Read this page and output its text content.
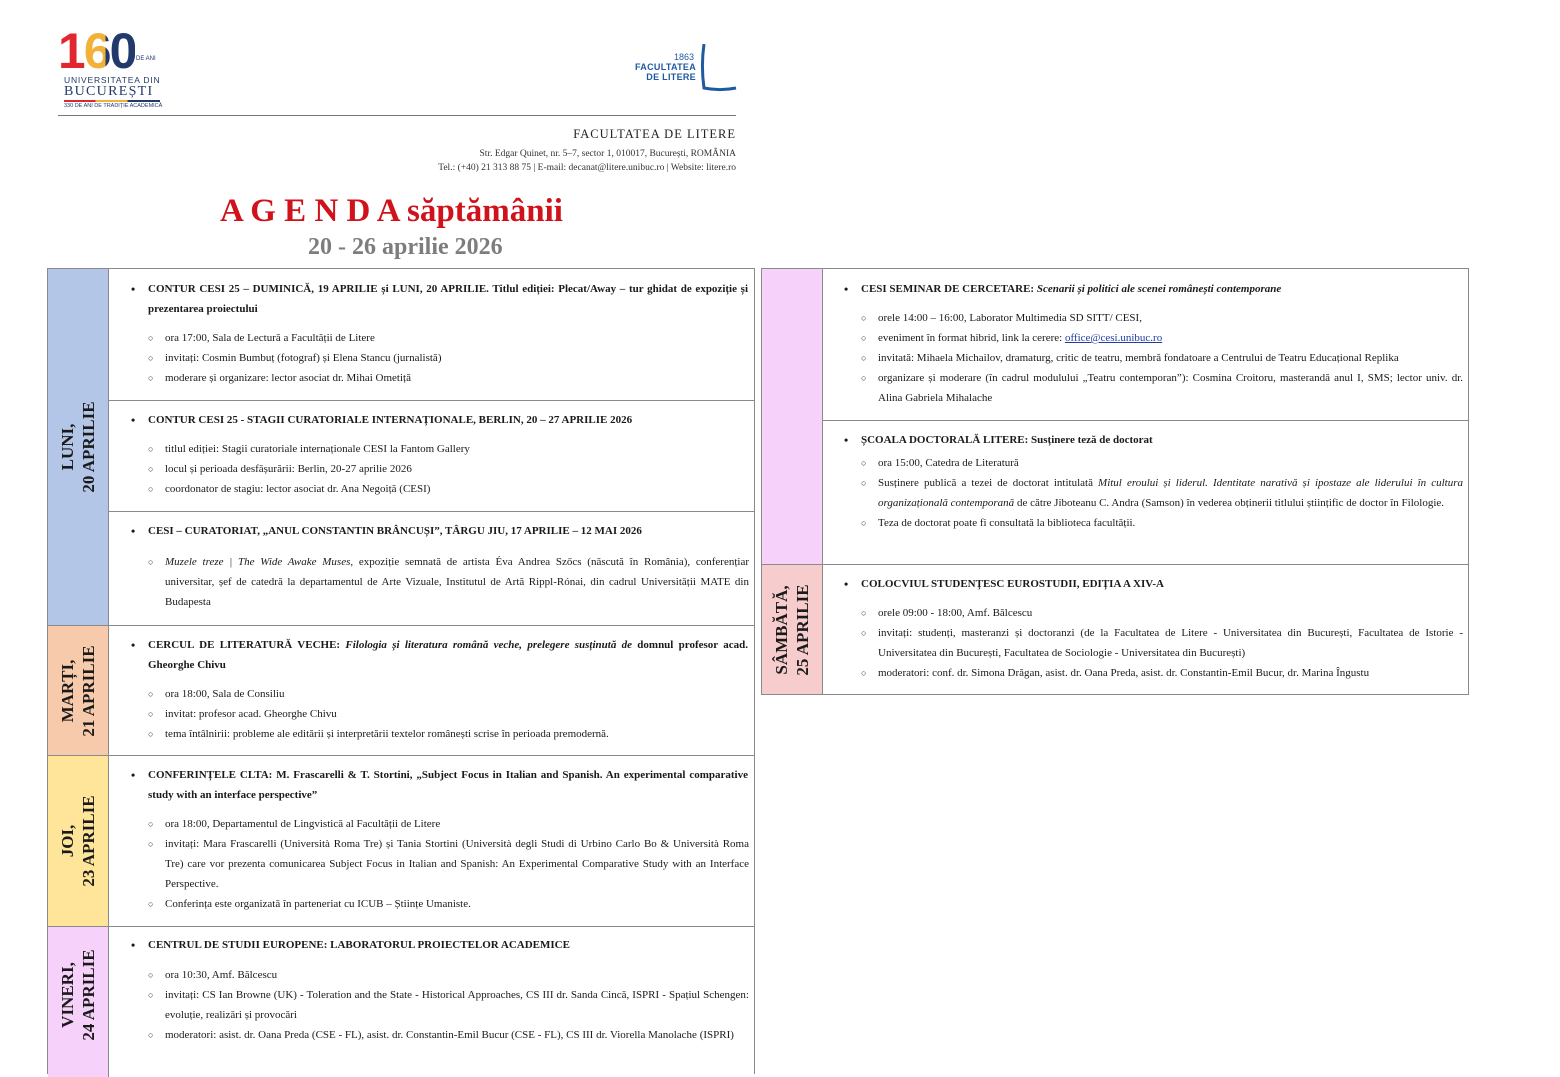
160 DE ANI
UNIVERSITATEA DIN
BUCUREȘTI
330 DE ANI DE TRADIȚIE ACADEMICĂ
1863
FACULTATEA
DE LITERE
FACULTATEA DE LITERE
Str. Edgar Quinet, nr. 5–7, sector 1, 010017, București, ROMÂNIA
Tel.: (+40) 21 313 88 75 | E-mail: decanat@litere.unibuc.ro | Website: litere.ro
A G E N D A săptămânii
20 - 26 aprilie 2026
LUNI, 20 APRILIE
MARȚI, 21 APRILIE
JOI, 23 APRILIE
VINERI, 24 APRILIE
• CONTUR CESI 25 – DUMINICĂ, 19 APRILIE și LUNI, 20 APRILIE. Titlul ediției: Plecat/Away – tur ghidat de expoziție și prezentarea proiectului
○ ora 17:00, Sala de Lectură a Facultății de Litere
○ invitați: Cosmin Bumbuț (fotograf) și Elena Stancu (jurnalistă)
○ moderare și organizare: lector asociat dr. Mihai Ometiță
• CONTUR CESI 25 - STAGII CURATORIALE INTERNAȚIONALE, BERLIN, 20 – 27 APRILIE 2026
○ titlul ediției: Stagii curatoriale internaționale CESI la Fantom Gallery
○ locul și perioada desfășurării: Berlin, 20-27 aprilie 2026
○ coordonator de stagiu: lector asociat dr. Ana Negoiță (CESI)
• CESI – CURATORIAT, „ANUL CONSTANTIN BRÂNCUȘI”, TÂRGU JIU, 17 APRILIE – 12 MAI 2026
○ Muzele treze | The Wide Awake Muses, expoziție semnată de artista Éva Andrea Szőcs (născută în România), conferențiar universitar, șef de catedră la departamentul de Arte Vizuale, Institutul de Artă Rippl-Rónai, din cadrul Universității MATE din Budapesta
• CERCUL DE LITERATURĂ VECHE: Filologia și literatura română veche, prelegere susținută de domnul profesor acad. Gheorghe Chivu
○ ora 18:00, Sala de Consiliu
○ invitat: profesor acad. Gheorghe Chivu
○ tema întâlnirii: probleme ale editării și interpretării textelor românești scrise în perioada premodernă.
• CONFERINȚELE CLTA: M. Frascarelli & T. Stortini, „Subject Focus in Italian and Spanish. An experimental comparative study with an interface perspective”
○ ora 18:00, Departamentul de Lingvistică al Facultății de Litere
○ invitați: Mara Frascarelli (Università Roma Tre) și Tania Stortini (Università degli Studi di Urbino Carlo Bo & Università Roma Tre) care vor prezenta comunicarea Subject Focus in Italian and Spanish: An Experimental Comparative Study with an Interface Perspective.
○ Conferința este organizată în parteneriat cu ICUB – Științe Umaniste.
• CENTRUL DE STUDII EUROPENE: LABORATORUL PROIECTELOR ACADEMICE
○ ora 10:30, Amf. Bălcescu
○ invitați: CS Ian Browne (UK) - Toleration and the State - Historical Approaches, CS III dr. Sanda Cincă, ISPRI - Spațiul Schengen: evoluție, realizări și provocări
○ moderatori: asist. dr. Oana Preda (CSE - FL), asist. dr. Constantin-Emil Bucur (CSE - FL), CS III dr. Viorella Manolache (ISPRI)
SÂMBĂTĂ, 25 APRILIE
• CESI SEMINAR DE CERCETARE: Scenarii și politici ale scenei românești contemporane
○ orele 14:00 – 16:00, Laborator Multimedia SD SITT/ CESI,
○ eveniment în format hibrid, link la cerere: office@cesi.unibuc.ro
○ invitată: Mihaela Michailov, dramaturg, critic de teatru, membră fondatoare a Centrului de Teatru Educațional Replika
○ organizare și moderare (în cadrul modulului „Teatru contemporan”): Cosmina Croitoru, masterandă anul I, SMS; lector univ. dr. Alina Gabriela Mihalache
• ȘCOALA DOCTORALĂ LITERE: Susținere teză de doctorat
○ ora 15:00, Catedra de Literatură
○ Susținere publică a tezei de doctorat intitulată Mitul eroului și liderul. Identitate narativă și ipostaze ale liderului în cultura organizațională contemporană de către Jiboteanu C. Andra (Samson) în vederea obținerii titlului științific de doctor în Filologie.
○ Teza de doctorat poate fi consultată la biblioteca facultății.
• COLOCVIUL STUDENȚESC EUROSTUDII, EDIȚIA A XIV-A
○ orele 09:00 - 18:00, Amf. Bălcescu
○ invitați: studenți, masteranzi și doctoranzi (de la Facultatea de Litere - Universitatea din București, Facultatea de Istorie - Universitatea din București, Facultatea de Sociologie - Universitatea din București)
○ moderatori: conf. dr. Simona Drăgan, asist. dr. Oana Preda, asist. dr. Constantin-Emil Bucur, dr. Marina Îngustu
